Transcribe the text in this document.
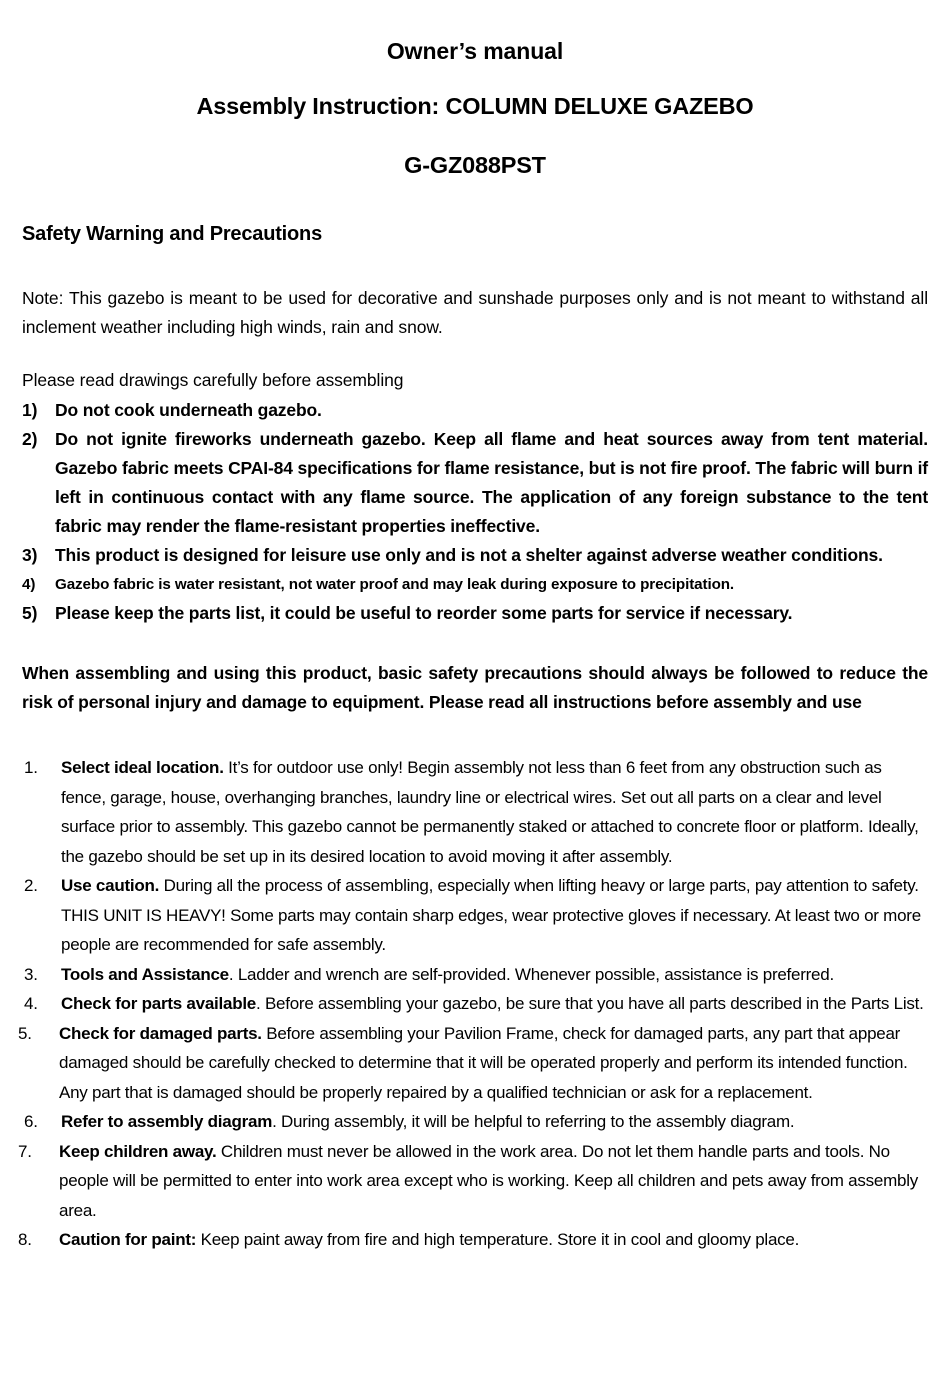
Owner’s manual
Assembly Instruction: COLUMN DELUXE GAZEBO
G-GZ088PST
Safety Warning and Precautions

Note: This gazebo is meant to be used for decorative and sunshade purposes only and is not meant to withstand all inclement weather including high winds, rain and snow.

Please read drawings carefully before assembling

1) Do not cook underneath gazebo.
2) Do not ignite fireworks underneath gazebo. Keep all flame and heat sources away from tent material. Gazebo fabric meets CPAI-84 specifications for flame resistance, but is not fire proof. The fabric will burn if left in continuous contact with any flame source. The application of any foreign substance to the tent fabric may render the flame-resistant properties ineffective.
3) This product is designed for leisure use only and is not a shelter against adverse weather conditions.
4) Gazebo fabric is water resistant, not water proof and may leak during exposure to precipitation.
5) Please keep the parts list, it could be useful to reorder some parts for service if necessary.

When assembling and using this product, basic safety precautions should always be followed to reduce the risk of personal injury and damage to equipment. Please read all instructions before assembly and use

1. Select ideal location. It’s for outdoor use only! Begin assembly not less than 6 feet from any obstruction such as fence, garage, house, overhanging branches, laundry line or electrical wires. Set out all parts on a clear and level surface prior to assembly. This gazebo cannot be permanently staked or attached to concrete floor or platform. Ideally, the gazebo should be set up in its desired location to avoid moving it after assembly.
2. Use caution. During all the process of assembling, especially when lifting heavy or large parts, pay attention to safety. THIS UNIT IS HEAVY! Some parts may contain sharp edges, wear protective gloves if necessary. At least two or more people are recommended for safe assembly.
3. Tools and Assistance. Ladder and wrench are self-provided. Whenever possible, assistance is preferred.
4. Check for parts available. Before assembling your gazebo, be sure that you have all parts described in the Parts List.
5. Check for damaged parts. Before assembling your Pavilion Frame, check for damaged parts, any part that appear damaged should be carefully checked to determine that it will be operated properly and perform its intended function. Any part that is damaged should be properly repaired by a qualified technician or ask for a replacement.
6. Refer to assembly diagram. During assembly, it will be helpful to referring to the assembly diagram.
7. Keep children away. Children must never be allowed in the work area. Do not let them handle parts and tools. No people will be permitted to enter into work area except who is working. Keep all children and pets away from assembly area.
8. Caution for paint: Keep paint away from fire and high temperature. Store it in cool and gloomy place.
